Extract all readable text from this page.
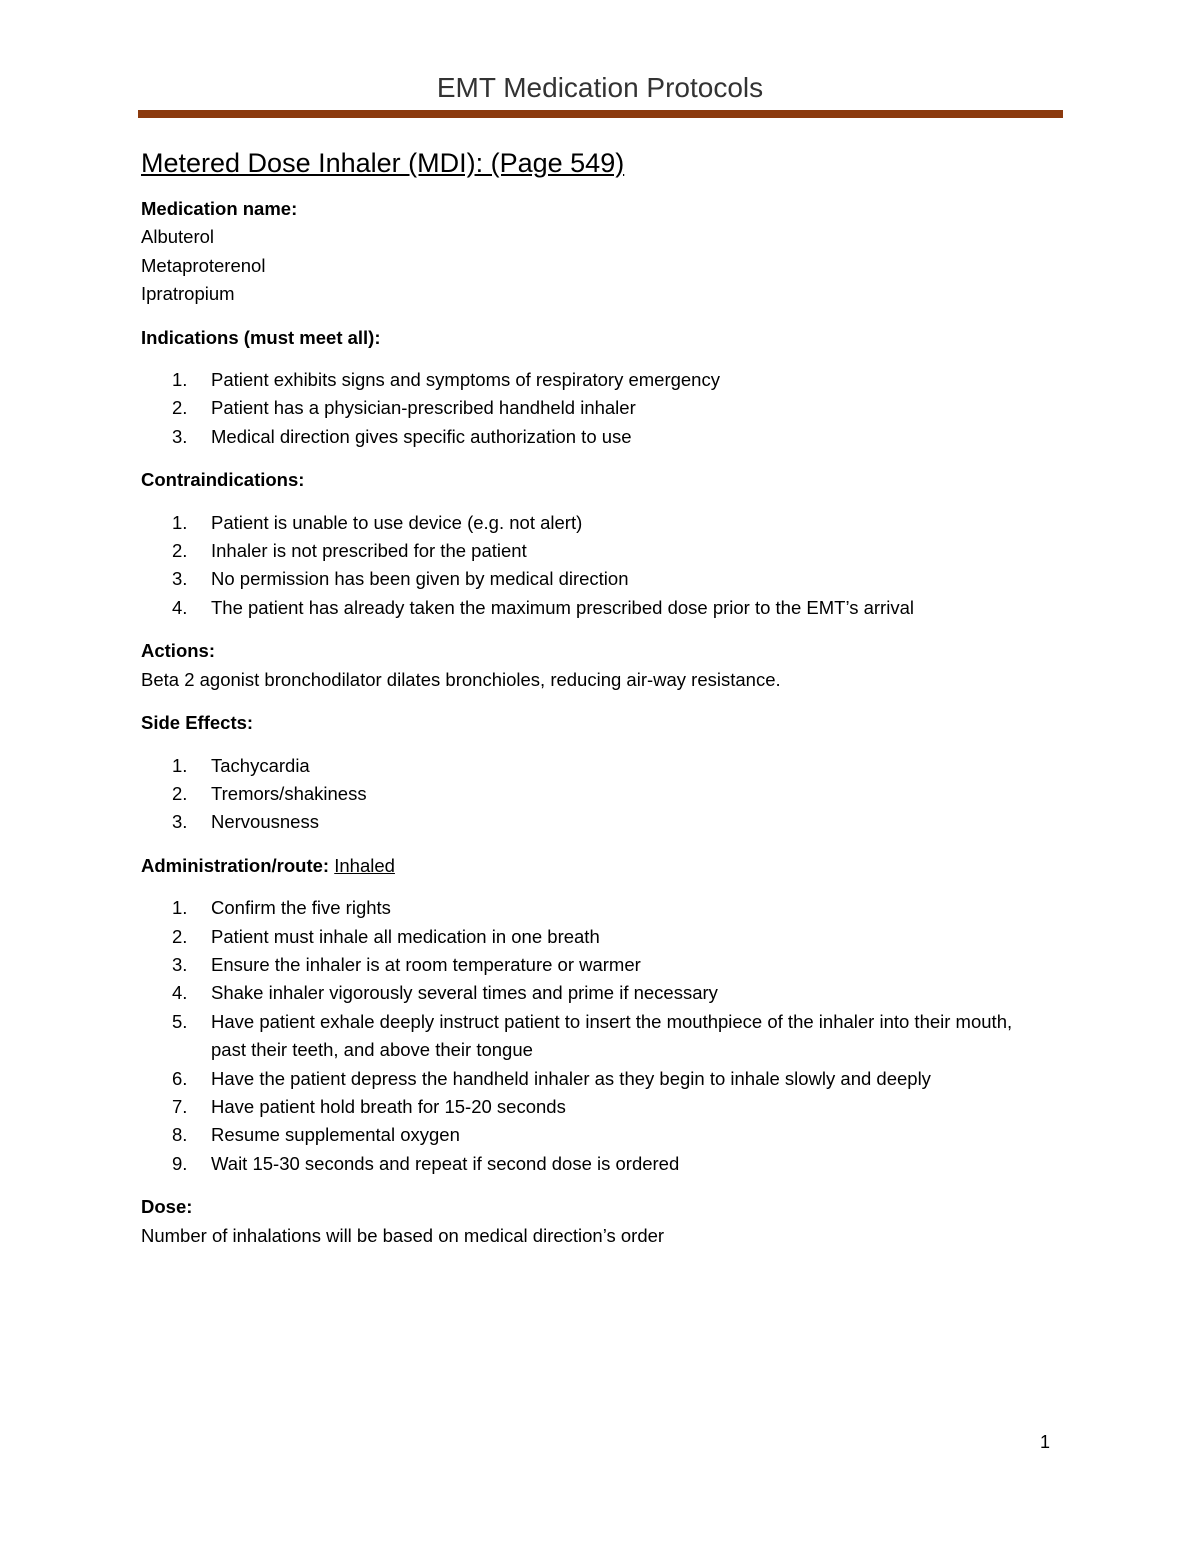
EMT Medication Protocols
Metered Dose Inhaler (MDI): (Page 549)
Medication name:
Albuterol
Metaproterenol
Ipratropium
Indications (must meet all):
1. Patient exhibits signs and symptoms of respiratory emergency
2. Patient has a physician-prescribed handheld inhaler
3. Medical direction gives specific authorization to use
Contraindications:
1. Patient is unable to use device (e.g. not alert)
2. Inhaler is not prescribed for the patient
3. No permission has been given by medical direction
4. The patient has already taken the maximum prescribed dose prior to the EMT’s arrival
Actions:
Beta 2 agonist bronchodilator dilates bronchioles, reducing air-way resistance.
Side Effects:
1. Tachycardia
2. Tremors/shakiness
3. Nervousness
Administration/route: Inhaled
1. Confirm the five rights
2. Patient must inhale all medication in one breath
3. Ensure the inhaler is at room temperature or warmer
4. Shake inhaler vigorously several times and prime if necessary
5. Have patient exhale deeply instruct patient to insert the mouthpiece of the inhaler into their mouth, past their teeth, and above their tongue
6. Have the patient depress the handheld inhaler as they begin to inhale slowly and deeply
7. Have patient hold breath for 15-20 seconds
8. Resume supplemental oxygen
9. Wait 15-30 seconds and repeat if second dose is ordered
Dose:
Number of inhalations will be based on medical direction’s order
1
